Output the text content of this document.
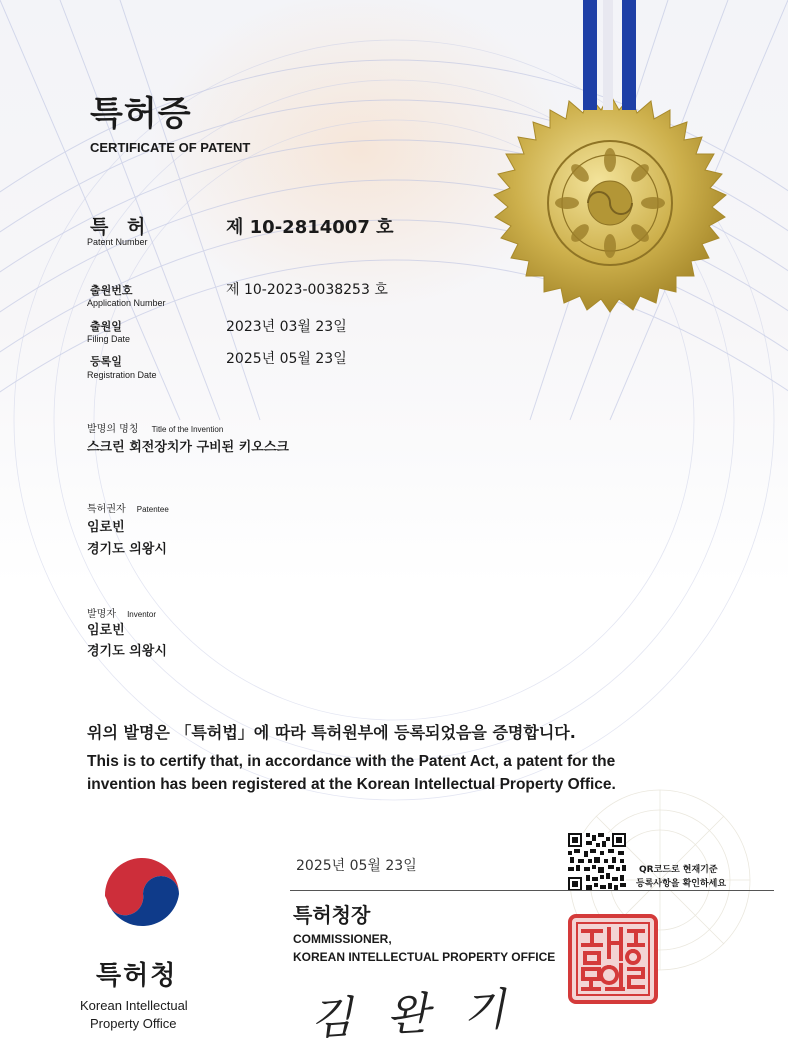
특허증
CERTIFICATE OF PATENT
특 허
Patent Number
제 10-2814007 호
출원번호
Application Number
제 10-2023-0038253 호
출원일
Filing Date
2023년 03월 23일
등록일
Registration Date
2025년 05월 23일
발명의 명칭 Title of the Invention
스크린 회전장치가 구비된 키오스크
특허권자 Patentee
임로빈
경기도 의왕시
발명자 Inventor
임로빈
경기도 의왕시
위의 발명은 「특허법」에 따라 특허원부에 등록되었음을 증명합니다.
This is to certify that, in accordance with the Patent Act, a patent for the
invention has been registered at the Korean Intellectual Property Office.
2025년 05월 23일	QR코드로 현재기준
등록사항을 확인하세요
특허청장
COMMISSIONER,
KOREAN INTELLECTUAL PROPERTY OFFICE
김 완 기
특허청
Korean Intellectual
Property Office
